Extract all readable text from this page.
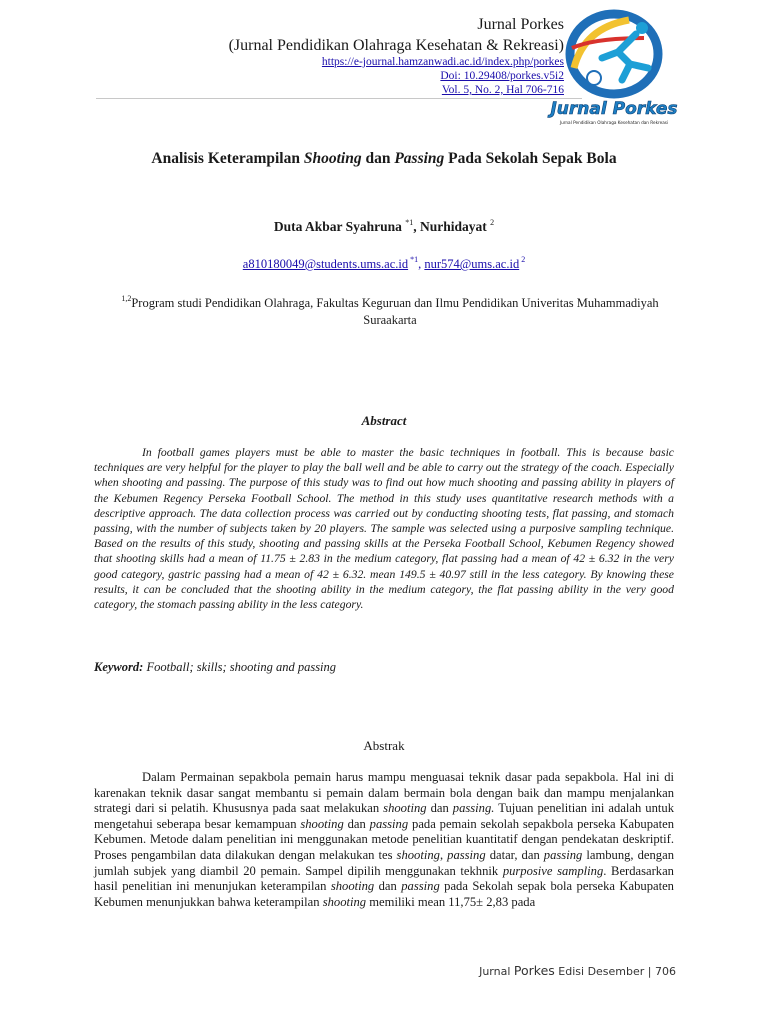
Jurnal Porkes
(Jurnal Pendidikan Olahraga Kesehatan & Rekreasi)
https://e-journal.hamzanwadi.ac.id/index.php/porkes
Doi: 10.29408/porkes.v5i2
Vol. 5, No. 2, Hal 706-716
Jurnal Porkes
Jurnal Pendidikan Olahraga Kesehatan dan Rekreasi
Analisis Keterampilan Shooting dan Passing Pada Sekolah Sepak Bola
Duta Akbar Syahruna $^{*1}$, Nurhidayat $^2$
a810180049@students.ums.ac.id $^{*1}$, nur574@ums.ac.id $^2$
$^{1,2}$Program studi Pendidikan Olahraga, Fakultas Keguruan dan Ilmu Pendidikan Univeritas Muhammadiyah Suraakarta
Abstract

In football games players must be able to master the basic techniques in football. This is because basic techniques are very helpful for the player to play the ball well and be able to carry out the strategy of the coach. Especially when shooting and passing. The purpose of this study was to find out how much shooting and passing ability in players of the Kebumen Regency Perseka Football School. The method in this study uses quantitative research methods with a descriptive approach. The data collection process was carried out by conducting shooting tests, flat passing, and stomach passing, with the number of subjects taken by 20 players. The sample was selected using a purposive sampling technique. Based on the results of this study, shooting and passing skills at the Perseka Football School, Kebumen Regency showed that shooting skills had a mean of 11.75 ± 2.83 in the medium category, flat passing had a mean of 42 ± 6.32 in the very good category, gastric passing had a mean of 42 ± 6.32. mean 149.5 ± 40.97 still in the less category. By knowing these results, it can be concluded that the shooting ability in the medium category, the flat passing ability in the very good category, the stomach passing ability in the less category.

Keyword: Football; skills; shooting and passing
Abstrak

Dalam Permainan sepakbola pemain harus mampu menguasai teknik dasar pada sepakbola. Hal ini di karenakan teknik dasar sangat membantu si pemain dalam bermain bola dengan baik dan mampu menjalankan strategi dari si pelatih. Khususnya pada saat melakukan shooting dan passing. Tujuan penelitian ini adalah untuk mengetahui seberapa besar kemampuan shooting dan passing pada pemain sekolah sepakbola perseka Kabupaten Kebumen. Metode dalam penelitian ini menggunakan metode penelitian kuantitatif dengan pendekatan deskriptif. Proses pengambilan data dilakukan dengan melakukan tes shooting, passing datar, dan passing lambung, dengan jumlah subjek yang diambil 20 pemain. Sampel dipilih menggunakan tekhnik purposive sampling. Berdasarkan hasil penelitian ini menunjukan keterampilan shooting dan passing pada Sekolah sepak bola perseka Kabupaten Kebumen menunjukkan bahwa keterampilan shooting memiliki mean 11,75± 2,83 pada

Jurnal Porkes Edisi Desember | 706
